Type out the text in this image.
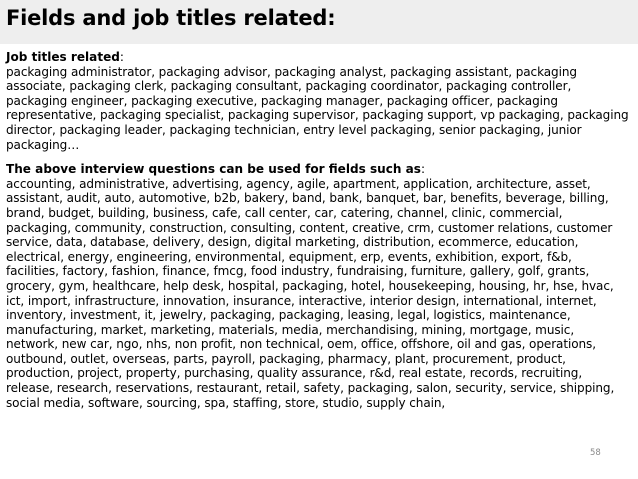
Fields and job titles related:
Job titles related:
packaging administrator, packaging advisor, packaging analyst, packaging assistant, packaging
associate, packaging clerk, packaging consultant, packaging coordinator, packaging controller,
packaging engineer, packaging executive, packaging manager, packaging officer, packaging
representative, packaging specialist, packaging supervisor, packaging support, vp packaging, packaging
director, packaging leader, packaging technician, entry level packaging, senior packaging, junior
packaging…
The above interview questions can be used for fields such as:
accounting, administrative, advertising, agency, agile, apartment, application, architecture, asset,
assistant, audit, auto, automotive, b2b, bakery, band, bank, banquet, bar, benefits, beverage, billing,
brand, budget, building, business, cafe, call center, car, catering, channel, clinic, commercial,
packaging, community, construction, consulting, content, creative, crm, customer relations, customer
service, data, database, delivery, design, digital marketing, distribution, ecommerce, education,
electrical, energy, engineering, environmental, equipment, erp, events, exhibition, export, f&b,
facilities, factory, fashion, finance, fmcg, food industry, fundraising, furniture, gallery, golf, grants,
grocery, gym, healthcare, help desk, hospital, packaging, hotel, housekeeping, housing, hr, hse, hvac,
ict, import, infrastructure, innovation, insurance, interactive, interior design, international, internet,
inventory, investment, it, jewelry, packaging, packaging, leasing, legal, logistics, maintenance,
manufacturing, market, marketing, materials, media, merchandising, mining, mortgage, music,
network, new car, ngo, nhs, non profit, non technical, oem, office, offshore, oil and gas, operations,
outbound, outlet, overseas, parts, payroll, packaging, pharmacy, plant, procurement, product,
production, project, property, purchasing, quality assurance, r&d, real estate, records, recruiting,
release, research, reservations, restaurant, retail, safety, packaging, salon, security, service, shipping,
social media, software, sourcing, spa, staffing, store, studio, supply chain,
58
